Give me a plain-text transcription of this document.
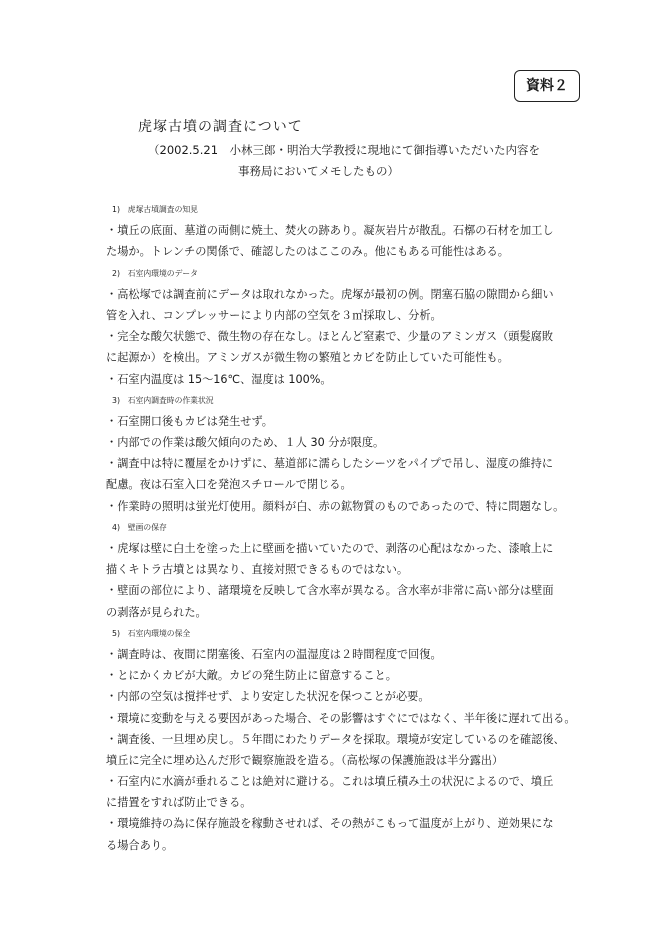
資料２
虎塚古墳の調査について
（2002.5.21　小林三郎・明治大学教授に現地にて御指導いただいた内容を
事務局においてメモしたもの）
1)　虎塚古墳調査の知見
・墳丘の底面、墓道の両側に焼土、焚火の跡あり。凝灰岩片が散乱。石槨の石材を加工し
た場か。トレンチの関係で、確認したのはここのみ。他にもある可能性はある。
2)　石室内環境のデータ
・高松塚では調査前にデータは取れなかった。虎塚が最初の例。閉塞石脇の隙間から細い
管を入れ、コンプレッサーにより内部の空気を３㎥採取し、分析。
・完全な酸欠状態で、微生物の存在なし。ほとんど窒素で、少量のアミンガス（頭髪腐敗
に起源か）を検出。アミンガスが微生物の繁殖とカビを防止していた可能性も。
・石室内温度は 15～16℃、湿度は 100%。
3)　石室内調査時の作業状況
・石室開口後もカビは発生せず。
・内部での作業は酸欠傾向のため、１人 30 分が限度。
・調査中は特に覆屋をかけずに、墓道部に濡らしたシーツをパイプで吊し、湿度の維持に
配慮。夜は石室入口を発泡スチロールで閉じる。
・作業時の照明は蛍光灯使用。顔料が白、赤の鉱物質のものであったので、特に問題なし。
4)　壁画の保存
・虎塚は壁に白土を塗った上に壁画を描いていたので、剥落の心配はなかった、漆喰上に
描くキトラ古墳とは異なり、直接対照できるものではない。
・壁面の部位により、諸環境を反映して含水率が異なる。含水率が非常に高い部分は壁面
の剥落が見られた。
5)　石室内環境の保全
・調査時は、夜間に閉塞後、石室内の温湿度は２時間程度で回復。
・とにかくカビが大敵。カビの発生防止に留意すること。
・内部の空気は撹拌せず、より安定した状況を保つことが必要。
・環境に変動を与える要因があった場合、その影響はすぐにではなく、半年後に遅れて出る。
・調査後、一旦埋め戻し。５年間にわたりデータを採取。環境が安定しているのを確認後、
墳丘に完全に埋め込んだ形で観察施設を造る。（高松塚の保護施設は半分露出）
・石室内に水滴が垂れることは絶対に避ける。これは墳丘積み土の状況によるので、墳丘
に措置をすれば防止できる。
・環境維持の為に保存施設を稼動させれば、その熱がこもって温度が上がり、逆効果にな
る場合あり。
